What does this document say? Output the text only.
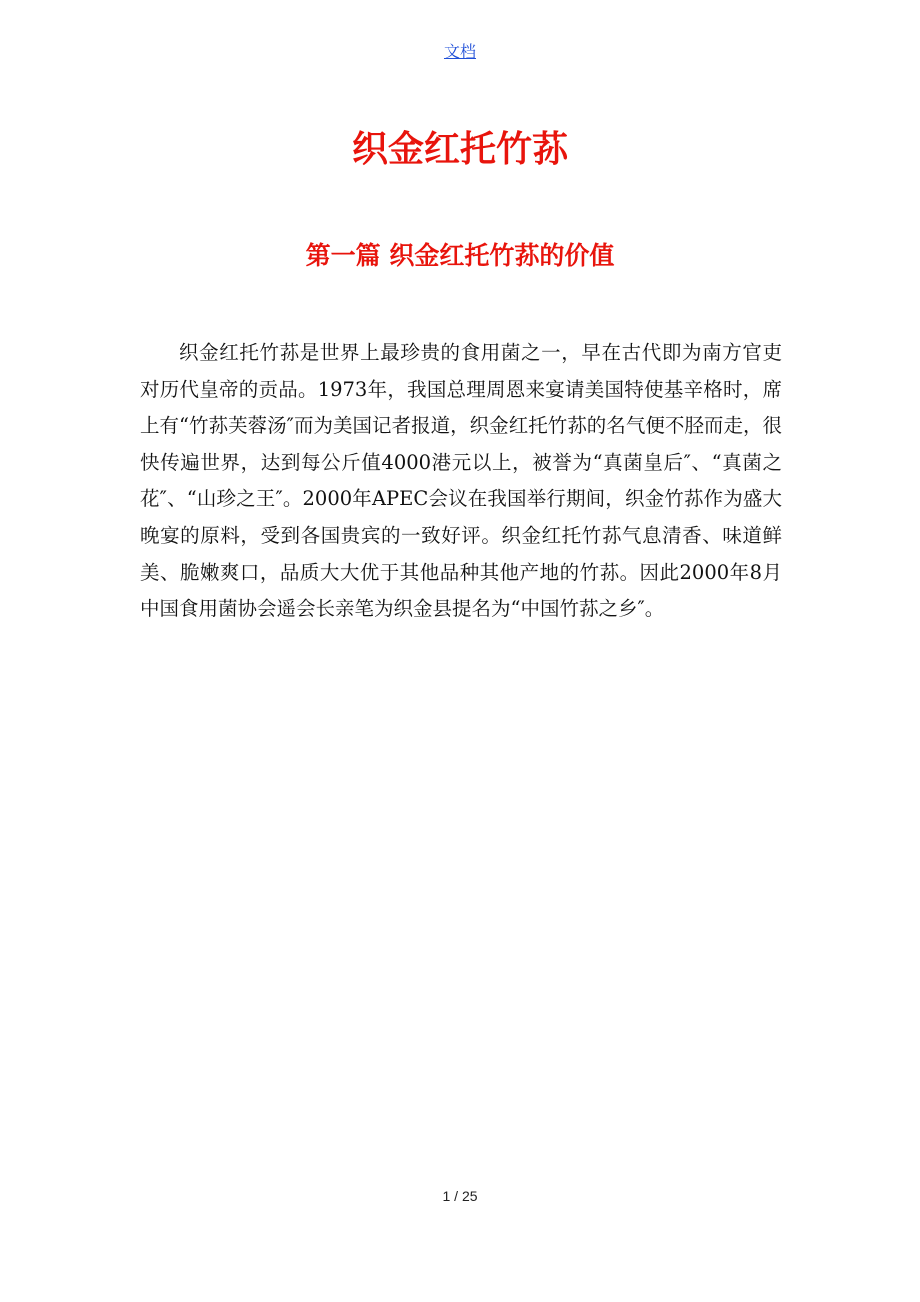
文档
织金红托竹荪
第一篇 织金红托竹荪的价值

织金红托竹荪是世界上最珍贵的食用菌之一，早在古代即为南方官吏对历代皇帝的贡品。1973年，我国总理周恩来宴请美国特使基辛格时，席上有“竹荪芙蓉汤″而为美国记者报道，织金红托竹荪的名气便不胫而走，很快传遍世界，达到每公斤值4000港元以上，被誉为“真菌皇后″、“真菌之花″、“山珍之王″。2000年APEC会议在我国举行期间，织金竹荪作为盛大晚宴的原料，受到各国贵宾的一致好评。织金红托竹荪气息清香、味道鲜美、脆嫩爽口，品质大大优于其他品种其他产地的竹荪。因此2000年8月中国食用菌协会遥会长亲笔为织金县提名为“中国竹荪之乡″。

1 / 25
